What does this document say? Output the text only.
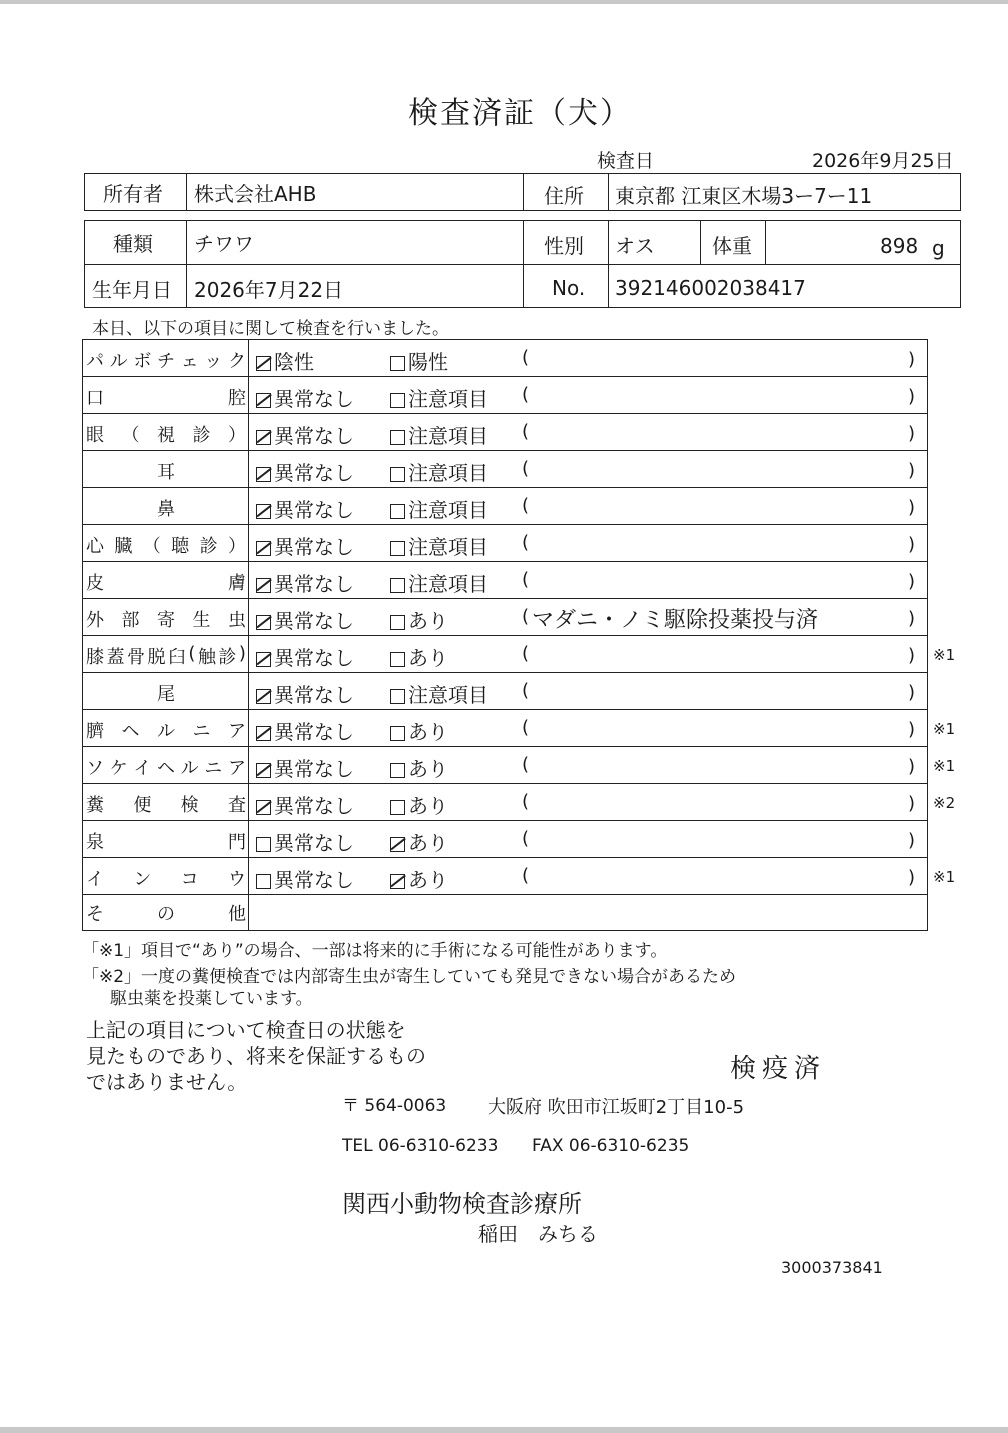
検査済証（犬）
検査日	2026年9月25日
所有者 株式会社AHB	住所 東京都 江東区木場3ー7ー11
種類 チワワ	性別 オス	体重	898 g
生年月日 2026年7月22日	No. 392146002038417
本日、以下の項目に関して検査を行いました。
パ ル ボ チ ェ ッ ク	陰性	陽性	(	)
口	腔	異常なし	注意項目 (	)
眼 （ 視 診 ）	異常なし	注意項目 (	)
耳	異常なし	注意項目 (	)
鼻	異常なし	注意項目 (	)
心 臓 （ 聴 診 ）	異常なし	注意項目 (	)
皮	膚	異常なし	注意項目 (	)
外 部 寄 生 虫	異常なし	あり	( マダニ・ノミ駆除投薬投与済	)
膝 蓋 骨 脱 臼 ( 触 診 )	異常なし	あり	(	) ※1
尾	異常なし	注意項目 (	)
臍 ヘ ル ニ ア	異常なし	あり	(	) ※1
ソ ケ イ ヘ ル ニ ア	異常なし	あり	(	) ※1
糞 便 検 査	異常なし	あり	(	) ※2
泉	門	異常なし	あり	(	)
イ ン コ ウ	異常なし	あり	(	) ※1
そ	の	他
「※1」項目で“あり”の場合、一部は将来的に手術になる可能性があります。
「※2」一度の糞便検査では内部寄生虫が寄生していても発見できない場合があるため
駆虫薬を投薬しています。
上記の項目について検査日の状態を
見たものであり、将来を保証するもの
ではありません。	検疫済
〒 564-0063 大阪府 吹田市江坂町2丁目10-5
TEL 06-6310-6233 FAX 06-6310-6235
関西小動物検査診療所
稲田　みちる
3000373841
